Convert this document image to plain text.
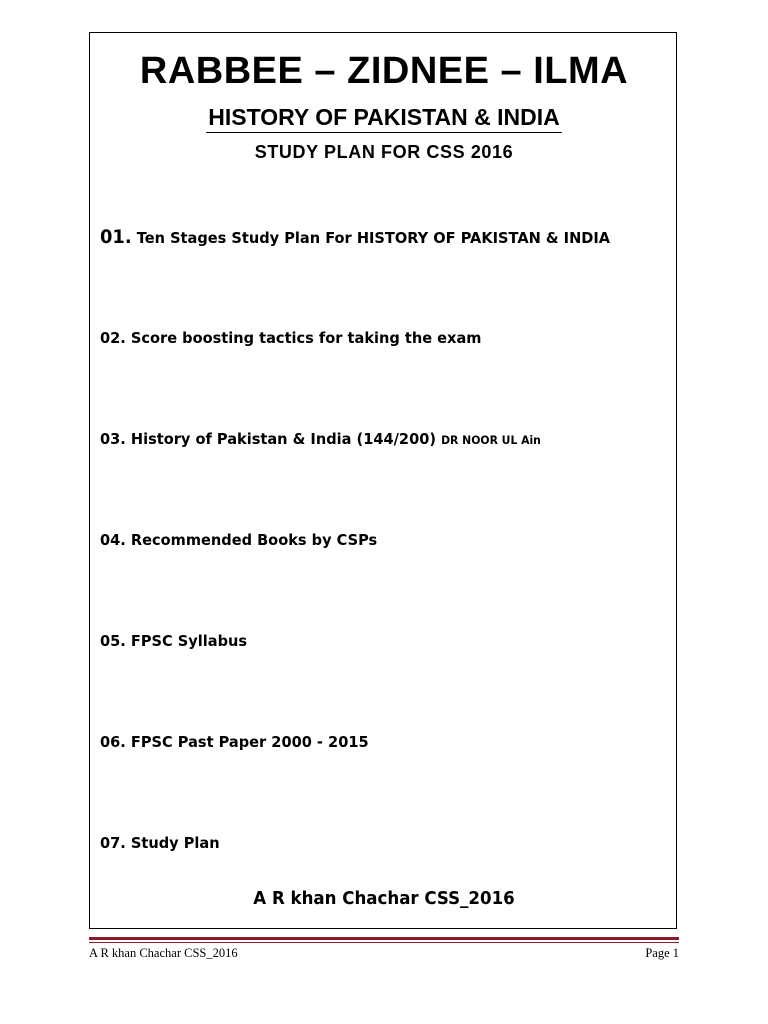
RABBEE – ZIDNEE – ILMA
HISTORY OF PAKISTAN & INDIA
STUDY PLAN FOR CSS 2016
01. Ten Stages Study Plan For HISTORY OF PAKISTAN & INDIA
02. Score boosting tactics for taking the exam
03. History of Pakistan & India (144/200) DR NOOR UL Ain
04. Recommended Books by CSPs
05. FPSC Syllabus
06. FPSC Past Paper 2000 - 2015
07. Study Plan
A R khan Chachar CSS_2016
A R khan Chachar CSS_2016	Page 1
